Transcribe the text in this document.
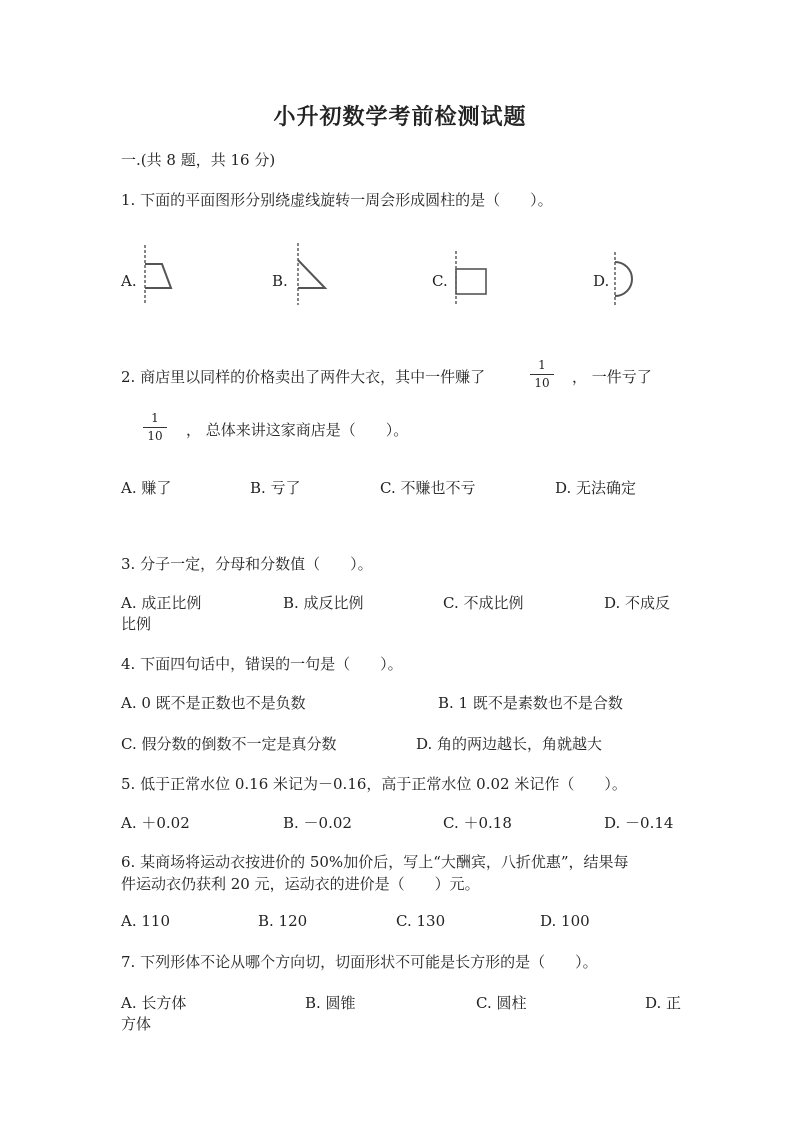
小升初数学考前检测试题
一.(共 8 题，共 16 分)
1. 下面的平面图形分别绕虚线旋转一周会形成圆柱的是（　　）。
A.	B.	C.	D.
2. 商店里以同样的价格卖出了两件大衣，其中一件赚了
1
10 ， 一件亏了
1
10 ， 总体来讲这家商店是（　　）。
A. 赚了	B. 亏了	C. 不赚也不亏	D. 无法确定
3. 分子一定，分母和分数值（　　）。
A. 成正比例	B. 成反比例	C. 不成比例	D. 不成反
比例
4. 下面四句话中，错误的一句是（　　）。
A. 0 既不是正数也不是负数	B. 1 既不是素数也不是合数
C. 假分数的倒数不一定是真分数	D. 角的两边越长，角就越大
5. 低于正常水位 0.16 米记为－0.16，高于正常水位 0.02 米记作（　　）。
A. ＋0.02	B. －0.02	C. ＋0.18	D. －0.14
6. 某商场将运动衣按进价的 50%加价后，写上“大酬宾，八折优惠”，结果每
件运动衣仍获利 20 元，运动衣的进价是（　　）元。
A. 110	B. 120	C. 130	D. 100
7. 下列形体不论从哪个方向切，切面形状不可能是长方形的是（　　）。
A. 长方体	B. 圆锥	C. 圆柱	D. 正
方体
